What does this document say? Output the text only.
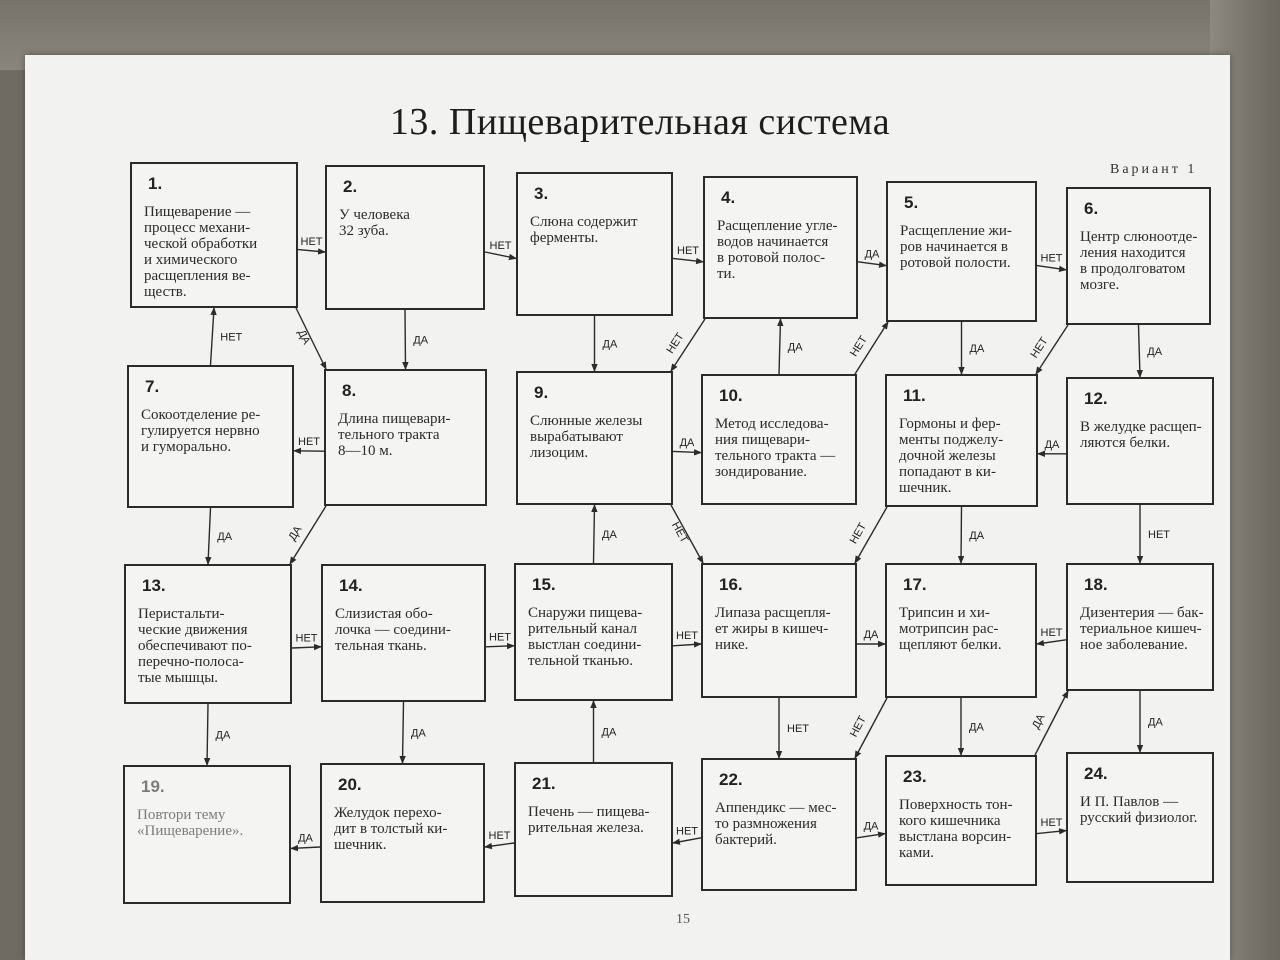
13. Пищеварительная система
Вариант 1
15
НЕТ
ДА
НЕТ
ДА
НЕТ
ДА
ДА
НЕТ
НЕТ
ДА	НЕТ	ДА
НЕТ
ДА
НЕТ
ДА
ДА
НЕТ
ДА	НЕТ
НЕТ	ДА
ДА
НЕТ
НЕТ
ДА
НЕТ
ДА
ДА
НЕТ	ДА
НЕТ	НЕТ	ДА
НЕТ
ДА
ДА
ДА
НЕТ	НЕТ	ДА
ДА
НЕТ
1.
Пищеварение —
процесс механи-
ческой обработки
и химического
расщепления ве-
ществ.
2.
У человека
32 зуба.
3.
Слюна содержит
ферменты.
4.
Расщепление угле-
водов начинается
в ротовой полос-
ти.
5.
Расщепление жи-
ров начинается в
ротовой полости.
6.
Центр слюноотде-
ления находится
в продолговатом
мозге.
7.
Сокоотделение ре-
гулируется нервно
и гуморально.
8.
Длина пищевари-
тельного тракта
8—10 м.
9.
Слюнные железы
вырабатывают
лизоцим.
10.
Метод исследова-
ния пищевари-
тельного тракта —
зондирование.
11.
Гормоны и фер-
менты поджелу-
дочной железы
попадают в ки-
шечник.
12.
В желудке расщеп-
ляются белки.
13.
Перистальти-
ческие движения
обеспечивают по-
перечно-полоса-
тые мышцы.
14.
Слизистая обо-
лочка — соедини-
тельная ткань.
15.
Снаружи пищева-
рительный канал
выстлан соедини-
тельной тканью.
16.
Липаза расщепля-
ет жиры в кишеч-
нике.
17.
Трипсин и хи-
мотрипсин рас-
щепляют белки.
18.
Дизентерия — бак-
териальное кишеч-
ное заболевание.
19.
Повтори тему
«Пищеварение».
20.
Желудок перехо-
дит в толстый ки-
шечник.
21.
Печень — пищева-
рительная железа.
22.
Аппендикс — мес-
то размножения
бактерий.
23.
Поверхность тон-
кого кишечника
выстлана ворсин-
ками.
24.
И П. Павлов —
русский физиолог.
